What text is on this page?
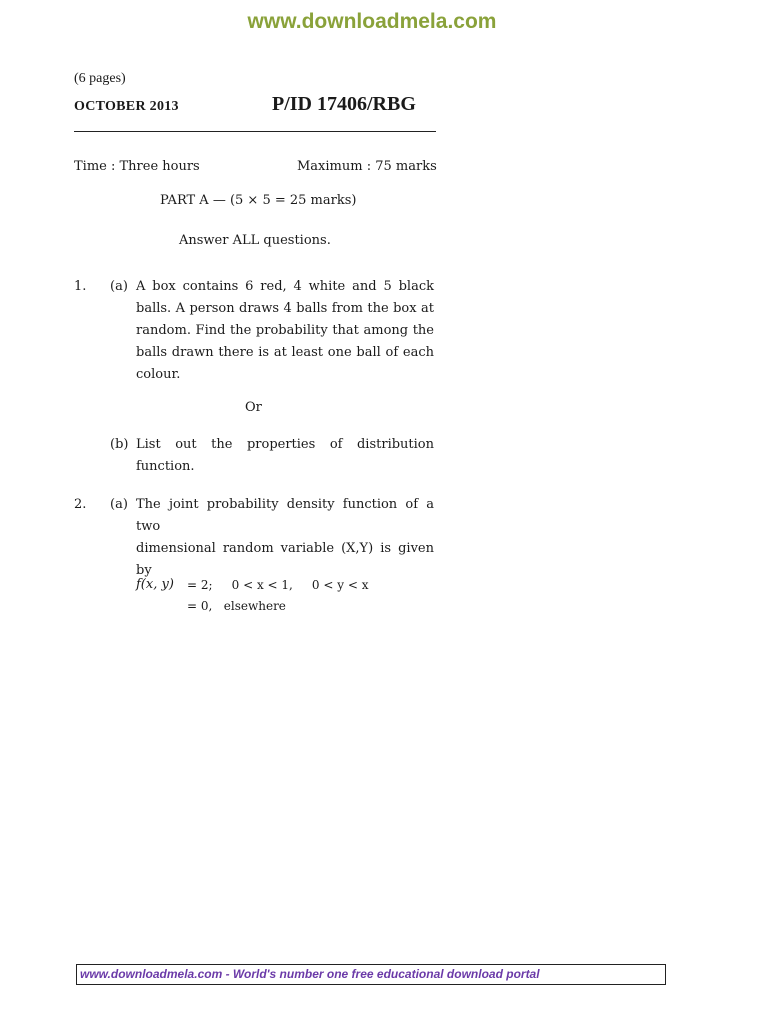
www.downloadmela.com
(6 pages)
OCTOBER 2013	P/ID 17406/RBG
Time : Three hours	Maximum : 75 marks
PART A — (5 × 5 = 25 marks)
Answer ALL questions.
1. (a) A box contains 6 red, 4 white and 5 black
balls. A person draws 4 balls from the box at
random. Find the probability that among the
balls drawn there is at least one ball of each
colour.
Or
(b) List out the properties of distribution
function.
2. (a) The joint probability density function of a two
dimensional random variable (X,Y) is given
by
f(x, y) = 2;     0 < x < 1,     0 < y < x
= 0,   elsewhere
www.downloadmela.com - World's number one free educational download portal
